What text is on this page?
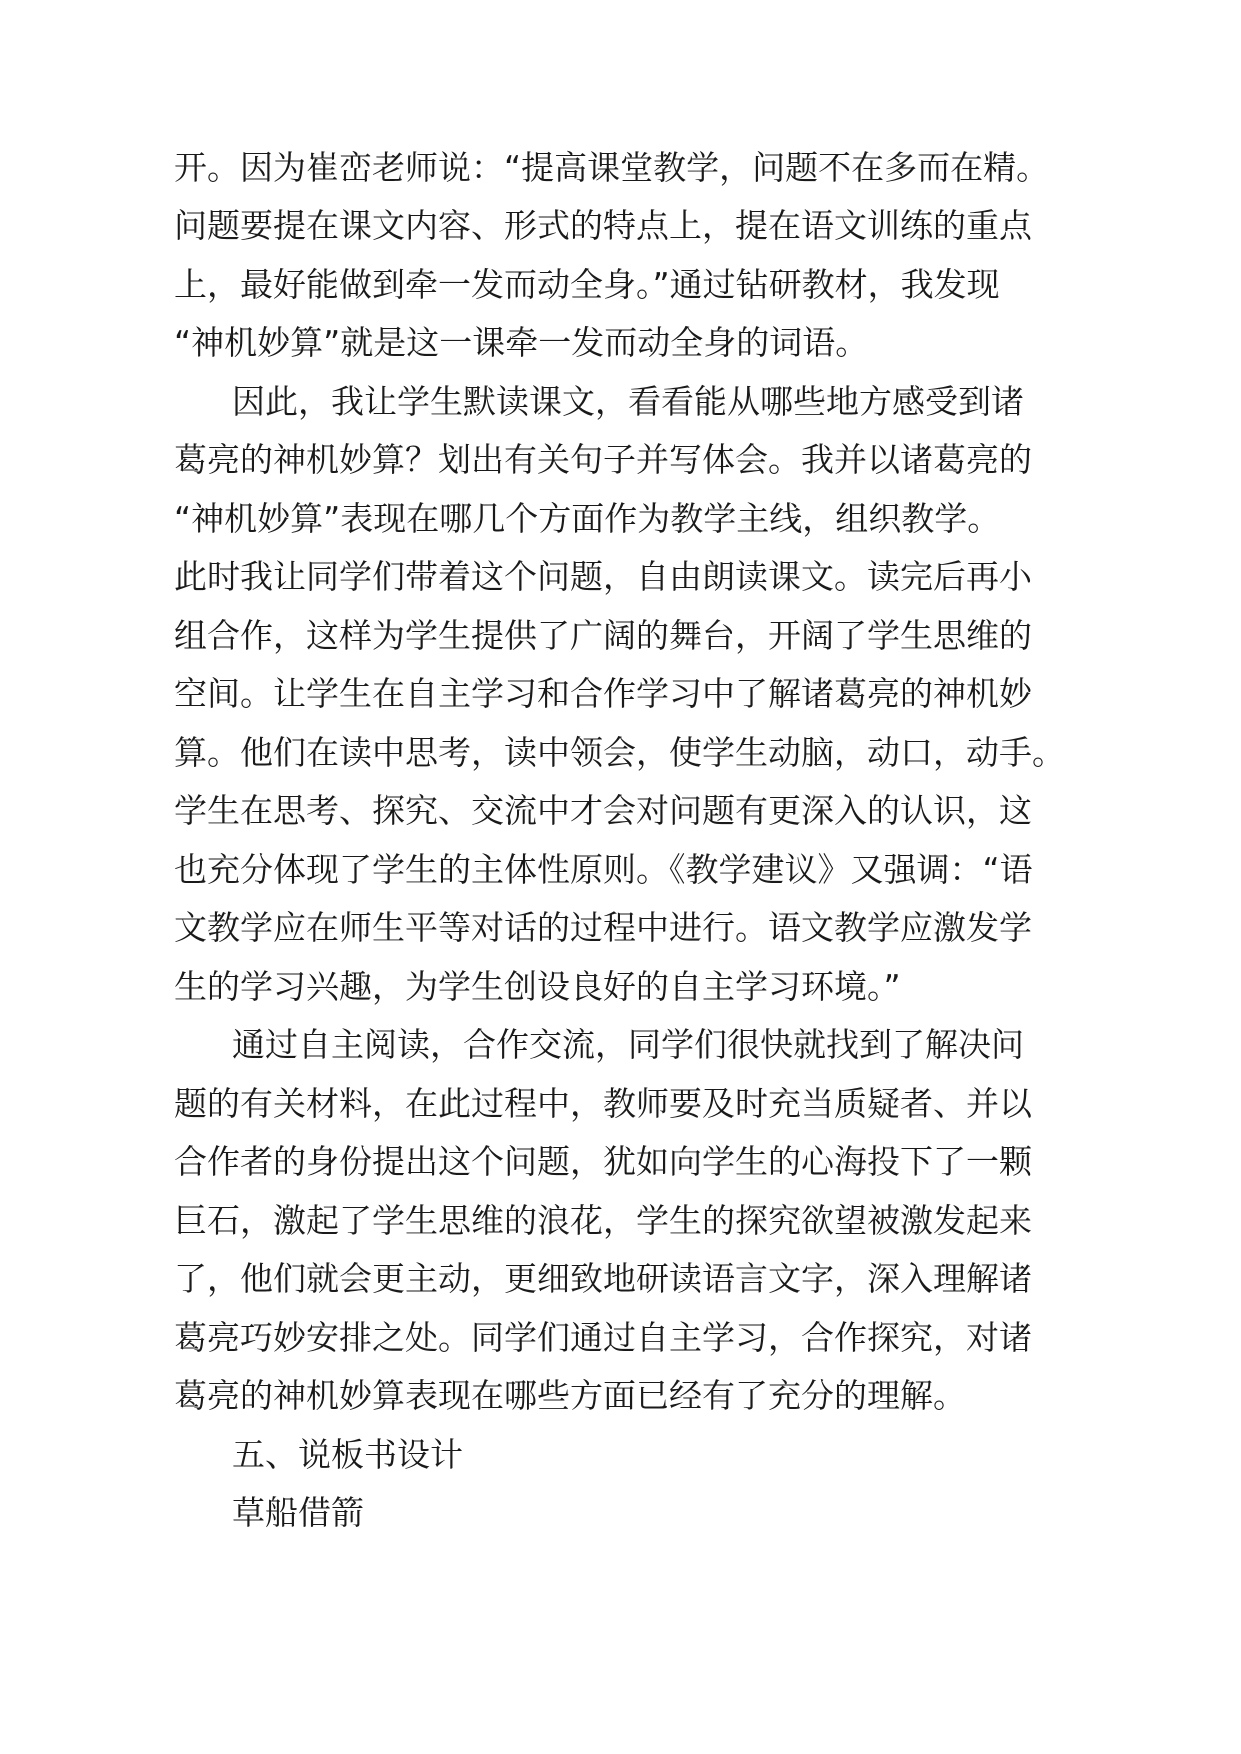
开。因为崔峦老师说：“提高课堂教学，问题不在多而在精。
问题要提在课文内容、形式的特点上，提在语文训练的重点
上，最好能做到牵一发而动全身。”通过钻研教材，我发现
“神机妙算”就是这一课牵一发而动全身的词语。
因此，我让学生默读课文，看看能从哪些地方感受到诸
葛亮的神机妙算？划出有关句子并写体会。我并以诸葛亮的
“神机妙算”表现在哪几个方面作为教学主线，组织教学。
此时我让同学们带着这个问题，自由朗读课文。读完后再小
组合作，这样为学生提供了广阔的舞台，开阔了学生思维的
空间。让学生在自主学习和合作学习中了解诸葛亮的神机妙
算。他们在读中思考，读中领会，使学生动脑，动口，动手。
学生在思考、探究、交流中才会对问题有更深入的认识，这
也充分体现了学生的主体性原则。《教学建议》又强调：“语
文教学应在师生平等对话的过程中进行。语文教学应激发学
生的学习兴趣，为学生创设良好的自主学习环境。”
通过自主阅读，合作交流，同学们很快就找到了解决问
题的有关材料，在此过程中，教师要及时充当质疑者、并以
合作者的身份提出这个问题，犹如向学生的心海投下了一颗
巨石，激起了学生思维的浪花，学生的探究欲望被激发起来
了，他们就会更主动，更细致地研读语言文字，深入理解诸
葛亮巧妙安排之处。同学们通过自主学习，合作探究，对诸
葛亮的神机妙算表现在哪些方面已经有了充分的理解。
五、说板书设计
草船借箭
